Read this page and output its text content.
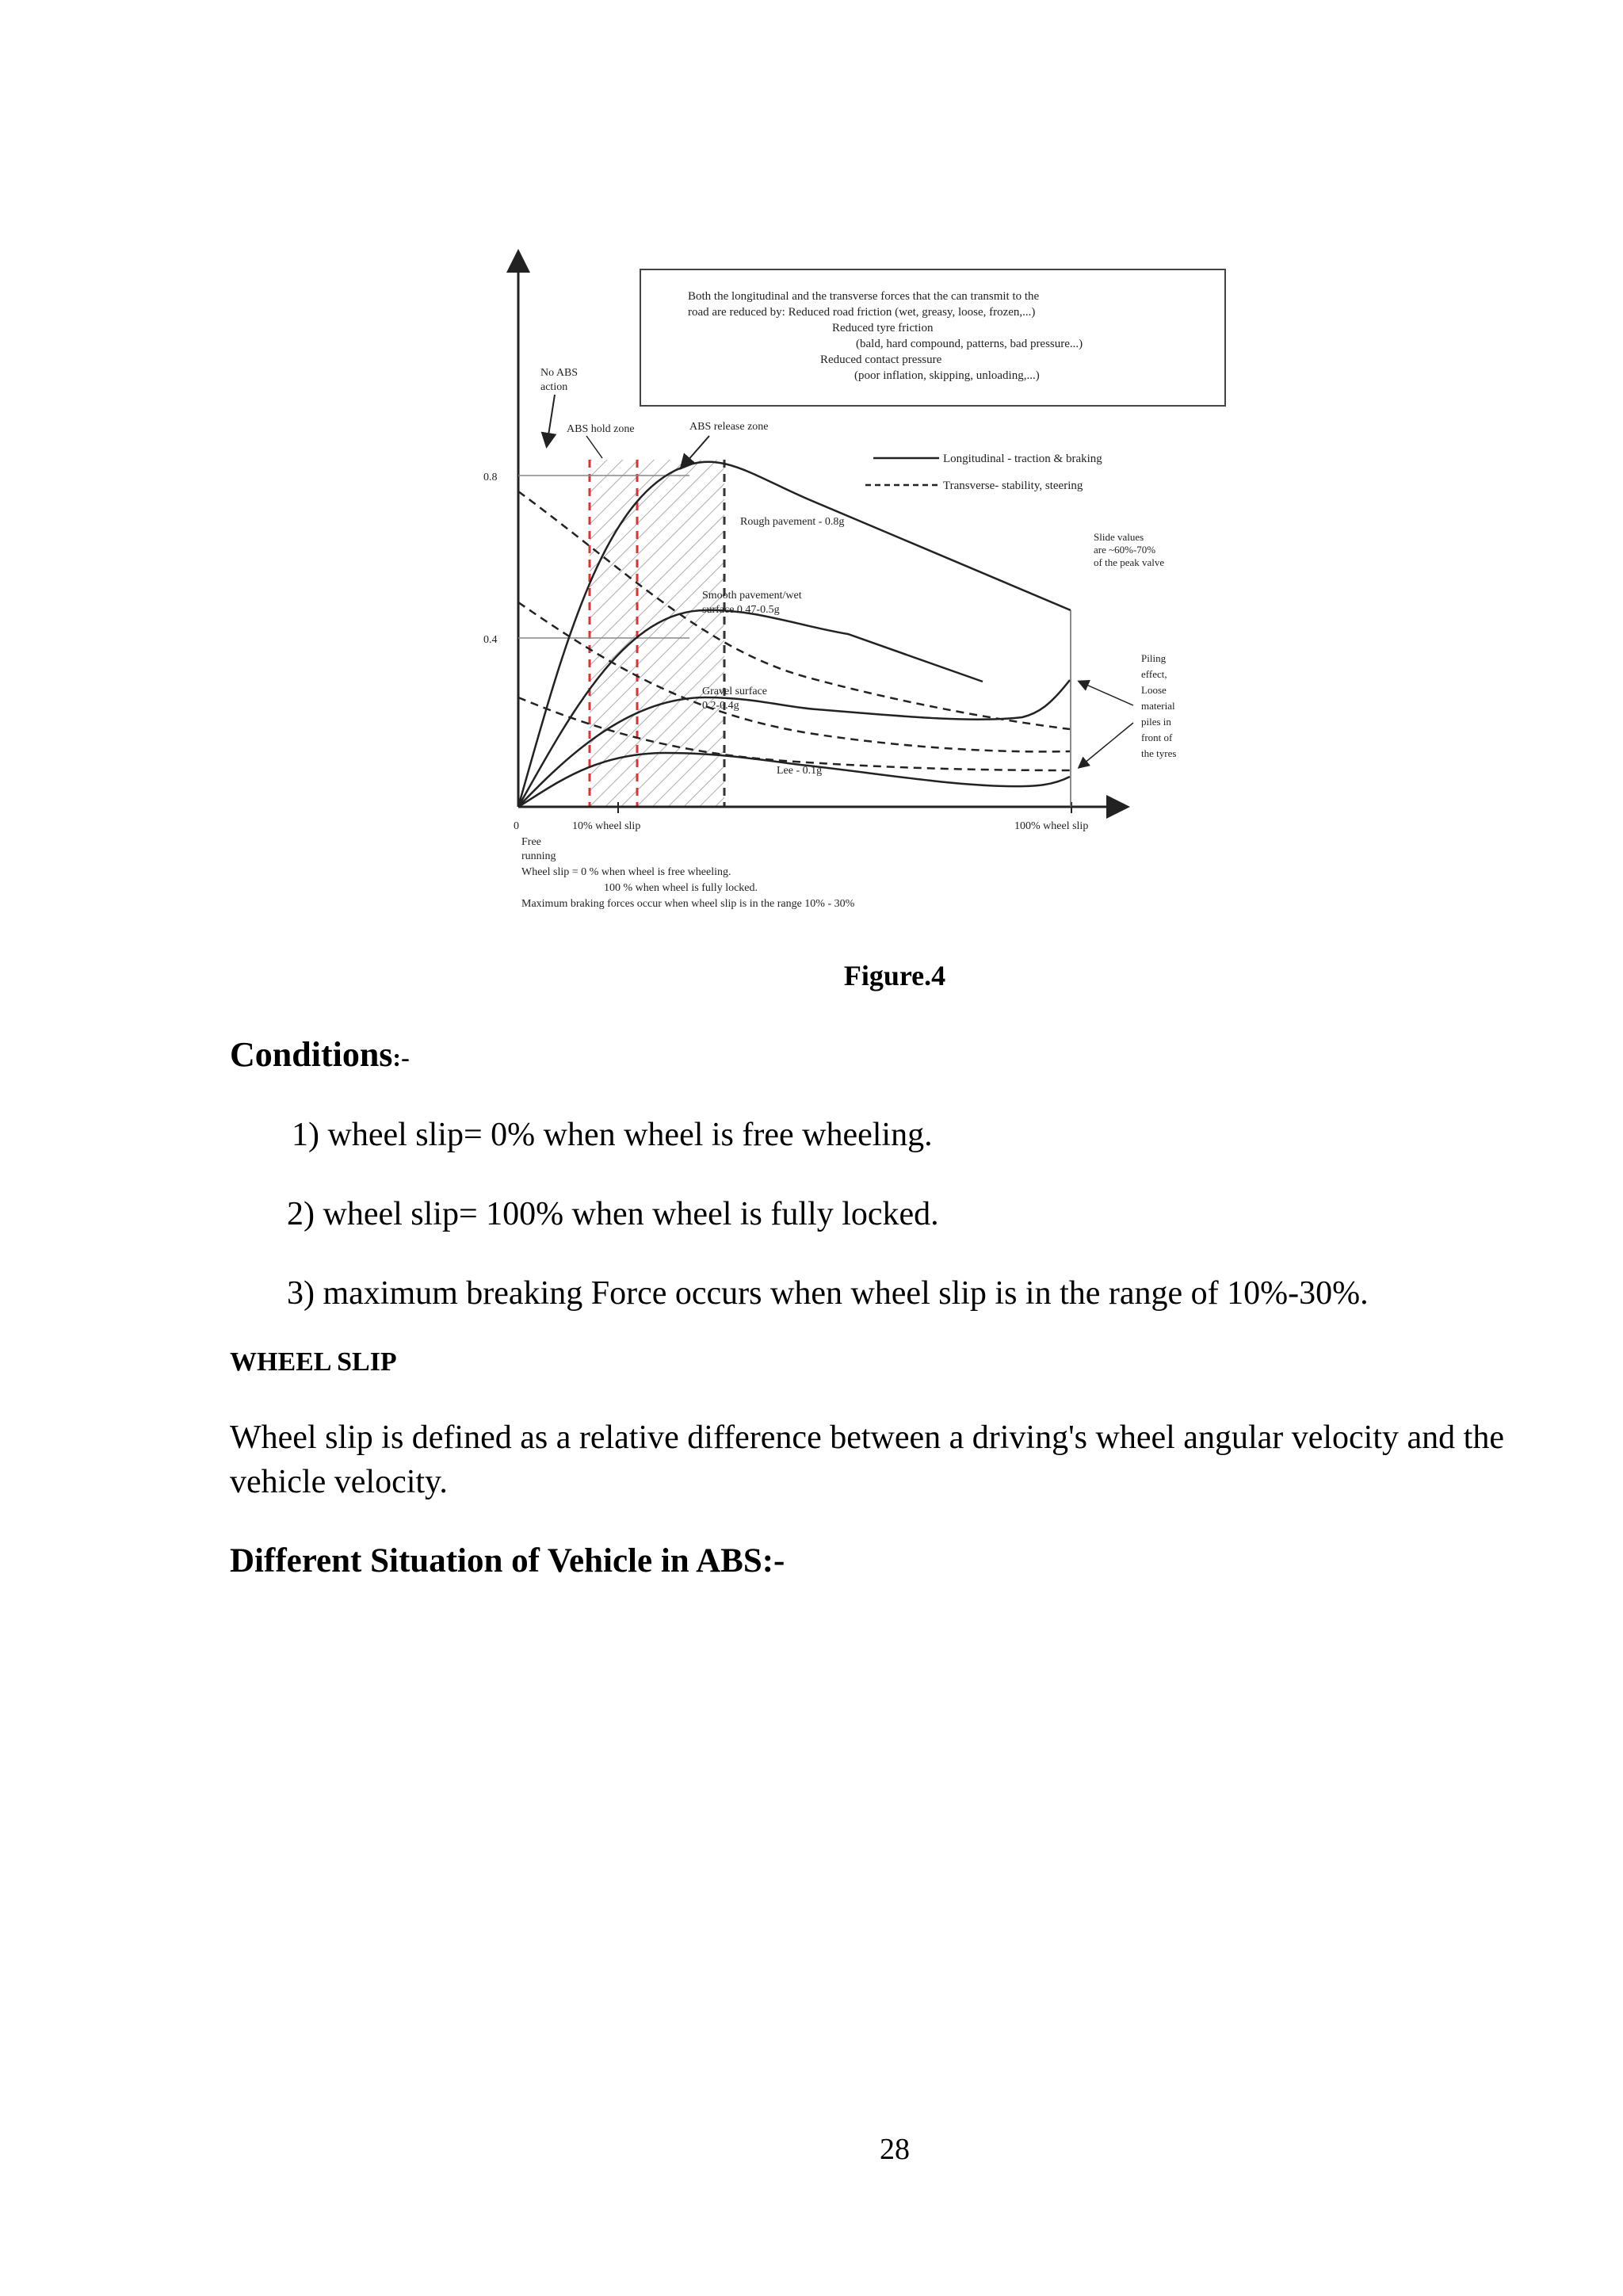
0.8
0.4
0	10% wheel slip	100% wheel slip
Free
running
Both the longitudinal and the transverse forces that the can transmit to the
road are reduced by: Reduced road friction (wet, greasy, loose, frozen,...)
Reduced tyre friction
(bald, hard compound, patterns, bad pressure...)
Reduced contact pressure
(poor inflation, skipping, unloading,...)
No ABS
action
ABS hold zone	ABS release zone
Longitudinal - traction & braking
Transverse- stability, steering
Rough pavement - 0.8g
Smooth pavement/wet
surface 0.47-0.5g
Gravel surface
0.2-0.4g
Lee - 0.1g
Slide values
are ~60%-70%
of the peak valve
Piling
effect,
Loose
material
piles in
front of
the tyres
Wheel slip = 0 % when wheel is free wheeling.
100 % when wheel is fully locked.
Maximum braking forces occur when wheel slip is in the range 10% - 30%
Figure.4
Conditions:-
1) wheel slip= 0% when wheel is free wheeling.
2) wheel slip= 100% when wheel is fully locked.
3) maximum breaking Force occurs when wheel slip is in the range of 10%-30%.
WHEEL SLIP
Wheel slip is defined as a relative difference between a driving's wheel angular velocity and the vehicle velocity.
Different Situation of Vehicle in ABS:-
28
